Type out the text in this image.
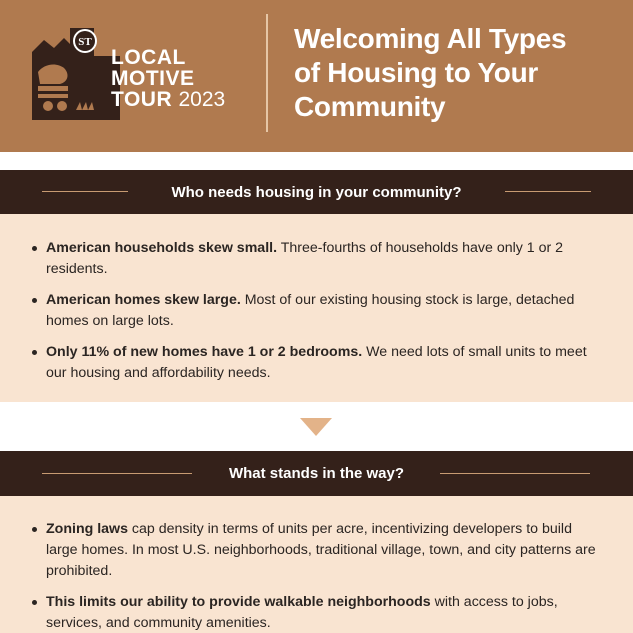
ST
LOCAL
MOTIVE
TOUR 2023
Welcoming All Types
of Housing to Your
Community
Who needs housing in your community?
American households skew small. Three-fourths of households have only 1 or 2 residents.
American homes skew large. Most of our existing housing stock is large, detached homes on large lots.
Only 11% of new homes have 1 or 2 bedrooms. We need lots of small units to meet our housing and affordability needs.
What stands in the way?
Zoning laws cap density in terms of units per acre, incentivizing developers to build large homes. In most U.S. neighborhoods, traditional village, town, and city patterns are prohibited.
This limits our ability to provide walkable neighborhoods with access to jobs, services, and community amenities.
